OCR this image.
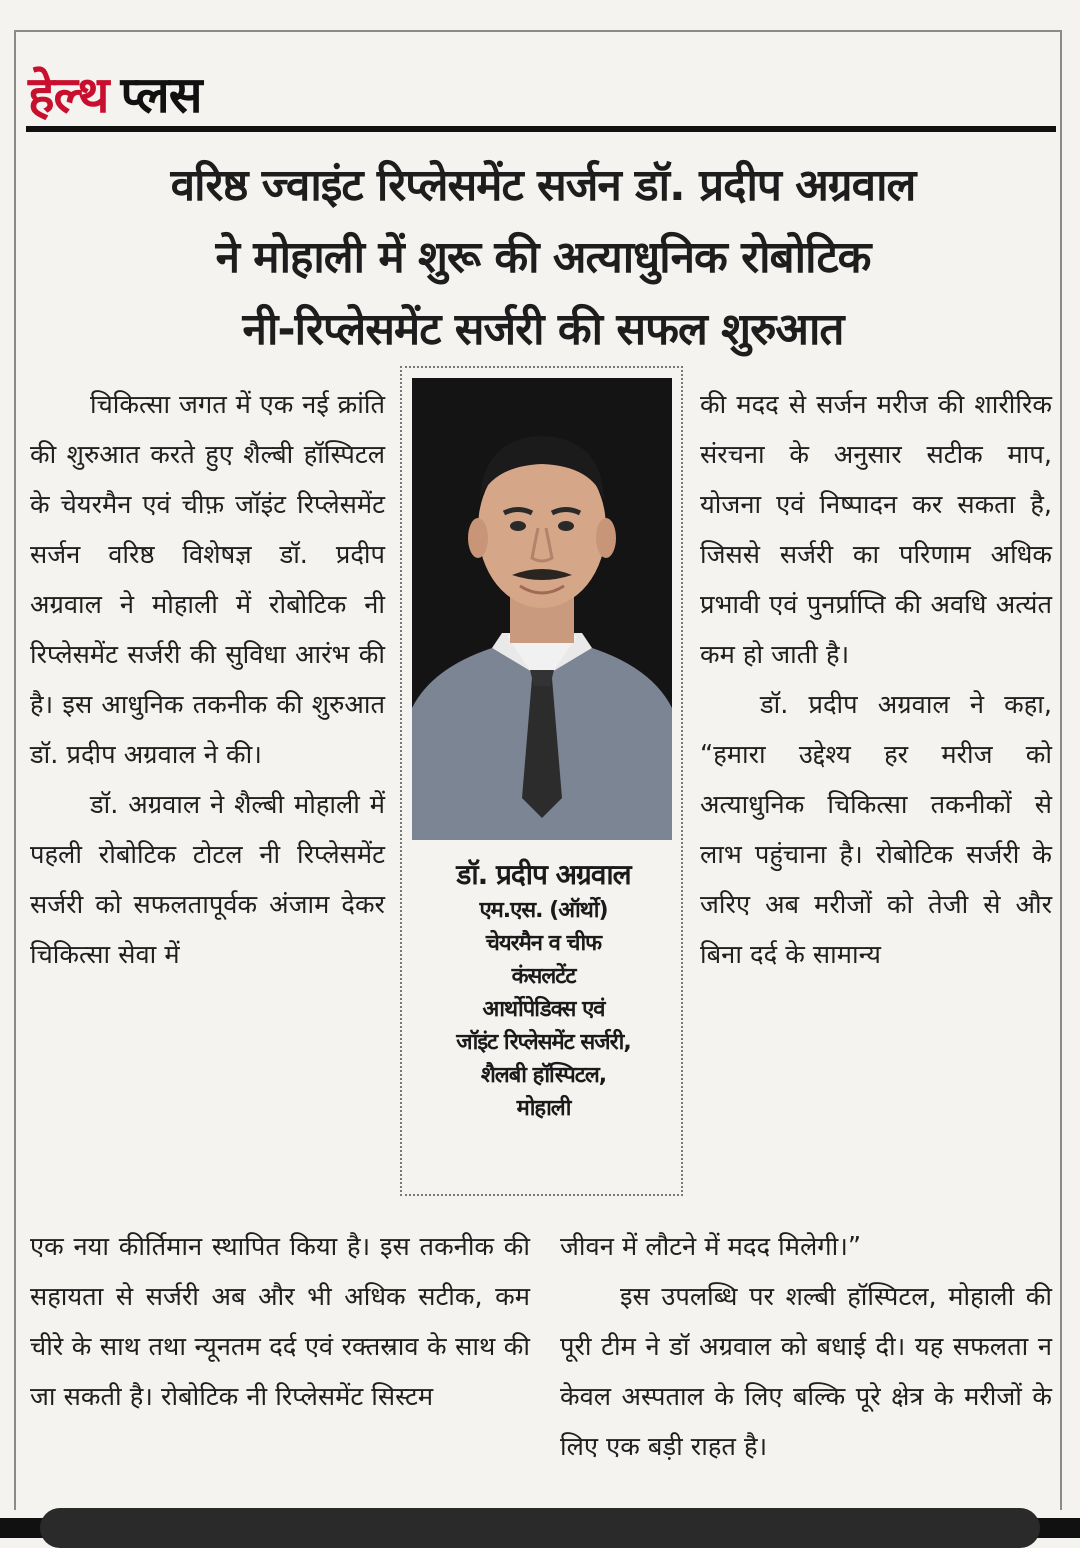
हेल्थ प्लस
वरिष्ठ ज्वाइंट रिप्लेसमेंट सर्जन डॉ. प्रदीप अग्रवाल
ने मोहाली में शुरू की अत्याधुनिक रोबोटिक
नी-रिप्लेसमेंट सर्जरी की सफल शुरुआत

चिकित्सा जगत में एक नई क्रांति की शुरुआत करते हुए शैल्बी हॉस्पिटल के चेयरमैन एवं चीफ़ जॉइंट रिप्लेसमेंट सर्जन वरिष्ठ विशेषज्ञ डॉ. प्रदीप अग्रवाल ने मोहाली में रोबोटिक नी रिप्लेसमेंट सर्जरी की सुविधा आरंभ की है। इस आधुनिक तकनीक की शुरुआत डॉ. प्रदीप अग्रवाल ने की।

डॉ. अग्रवाल ने शैल्बी मोहाली में पहली रोबोटिक टोटल नी रिप्लेसमेंट सर्जरी को सफलतापूर्वक अंजाम देकर चिकित्सा सेवा में

डॉ. प्रदीप अग्रवाल
एम.एस. (ऑर्थो)
चेयरमैन व चीफ
कंसलटेंट
आर्थोपेडिक्स एवं
जॉइंट रिप्लेसमेंट सर्जरी,
शैलबी हॉस्पिटल,
मोहाली

की मदद से सर्जन मरीज की शारीरिक संरचना के अनुसार सटीक माप, योजना एवं निष्पादन कर सकता है, जिससे सर्जरी का परिणाम अधिक प्रभावी एवं पुनर्प्राप्ति की अवधि अत्यंत कम हो जाती है।

डॉ. प्रदीप अग्रवाल ने कहा, “हमारा उद्देश्य हर मरीज को अत्याधुनिक चिकित्सा तकनीकों से लाभ पहुंचाना है। रोबोटिक सर्जरी के जरिए अब मरीजों को तेजी से और बिना दर्द के सामान्य

एक नया कीर्तिमान स्थापित किया है। इस तकनीक की सहायता से सर्जरी अब और भी अधिक सटीक, कम चीरे के साथ तथा न्यूनतम दर्द एवं रक्तस्राव के साथ की जा सकती है। रोबोटिक नी रिप्लेसमेंट सिस्टम

जीवन में लौटने में मदद मिलेगी।”

इस उपलब्धि पर शल्बी हॉस्पिटल, मोहाली की पूरी टीम ने डॉ अग्रवाल को बधाई दी। यह सफलता न केवल अस्पताल के लिए बल्कि पूरे क्षेत्र के मरीजों के लिए एक बड़ी राहत है।
